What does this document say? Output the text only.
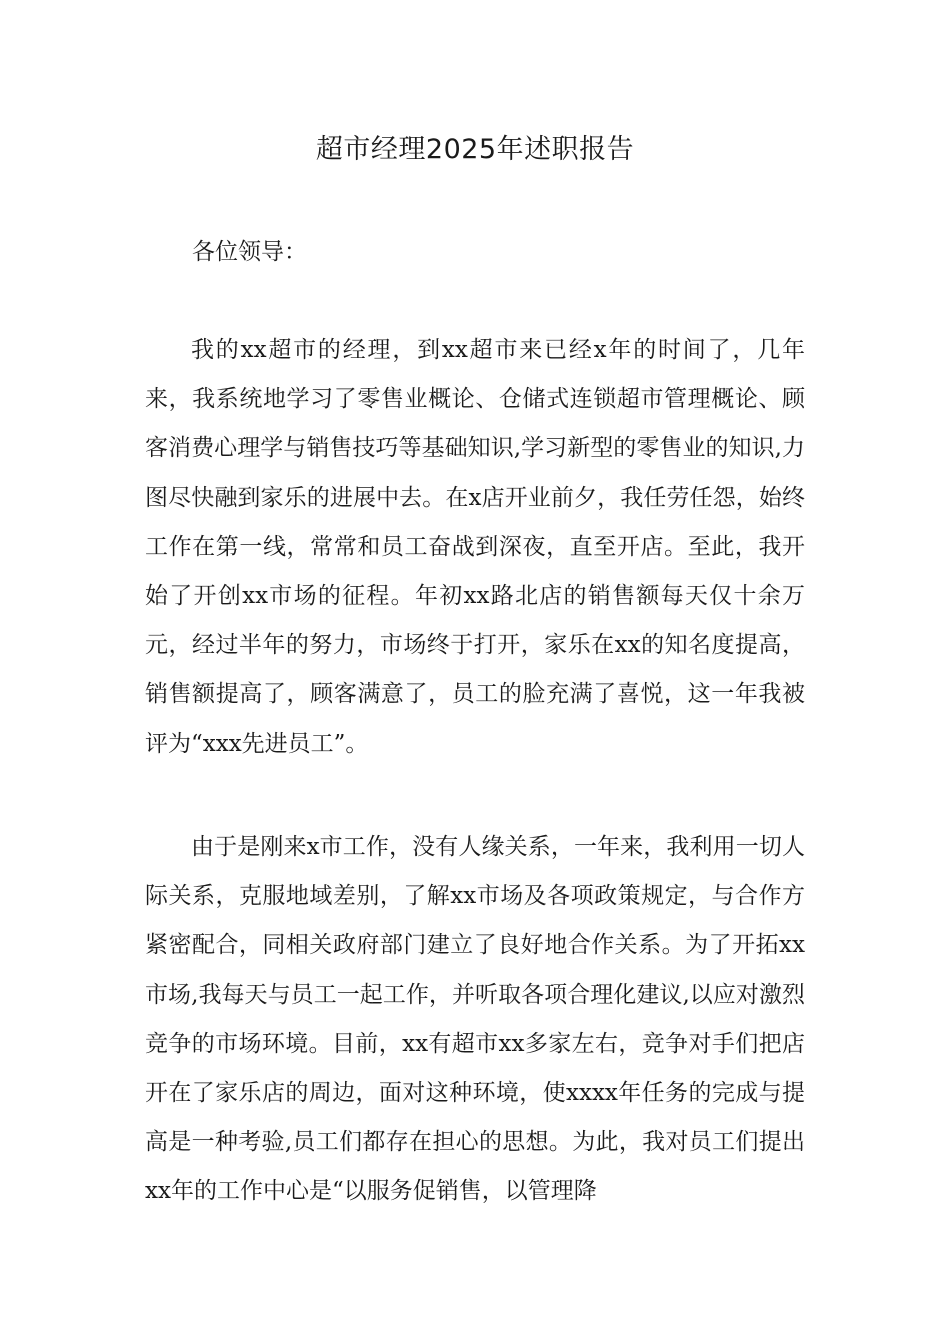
超市经理2025年述职报告

各位领导：

我的xx超市的经理，到xx超市来已经x年的时间了，几年来，我系统地学习了零售业概论、仓储式连锁超市管理概论、顾客消费心理学与销售技巧等基础知识,学习新型的零售业的知识,力图尽快融到家乐的进展中去。在x店开业前夕，我任劳任怨，始终工作在第一线，常常和员工奋战到深夜，直至开店。至此，我开始了开创xx市场的征程。年初xx路北店的销售额每天仅十余万元，经过半年的努力，市场终于打开，家乐在xx的知名度提高，销售额提高了，顾客满意了，员工的脸充满了喜悦，这一年我被评为“xxx先进员工”。

由于是刚来x市工作，没有人缘关系，一年来，我利用一切人际关系，克服地域差别，了解xx市场及各项政策规定，与合作方紧密配合，同相关政府部门建立了良好地合作关系。为了开拓xx市场,我每天与员工一起工作，并听取各项合理化建议,以应对激烈竞争的市场环境。目前，xx有超市xx多家左右，竞争对手们把店开在了家乐店的周边，面对这种环境，使xxxx年任务的完成与提高是一种考验,员工们都存在担心的思想。为此，我对员工们提出xx年的工作中心是“以服务促销售，以管理降
